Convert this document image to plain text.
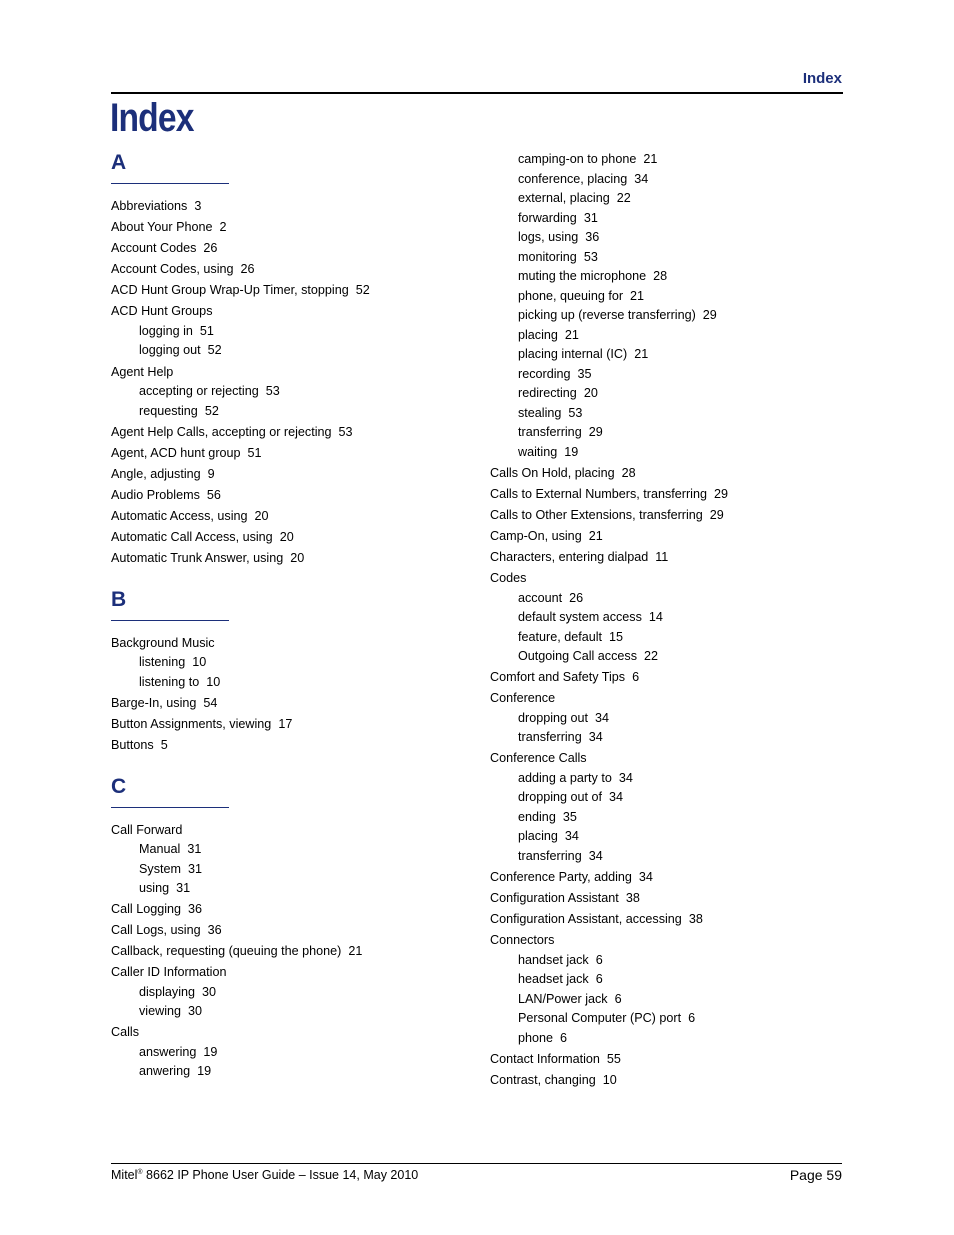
Index
Index
A
Abbreviations 3
About Your Phone 2
Account Codes 26
Account Codes, using 26
ACD Hunt Group Wrap-Up Timer, stopping 52
ACD Hunt Groups
logging in 51
logging out 52
Agent Help
accepting or rejecting 53
requesting 52
Agent Help Calls, accepting or rejecting 53
Agent, ACD hunt group 51
Angle, adjusting 9
Audio Problems 56
Automatic Access, using 20
Automatic Call Access, using 20
Automatic Trunk Answer, using 20
B
Background Music
listening 10
listening to 10
Barge-In, using 54
Button Assignments, viewing 17
Buttons 5
C
Call Forward
Manual 31
System 31
using 31
Call Logging 36
Call Logs, using 36
Callback, requesting (queuing the phone) 21
Caller ID Information
displaying 30
viewing 30
Calls
answering 19
anwering 19
camping-on to phone 21
conference, placing 34
external, placing 22
forwarding 31
logs, using 36
monitoring 53
muting the microphone 28
phone, queuing for 21
picking up (reverse transferring) 29
placing 21
placing internal (IC) 21
recording 35
redirecting 20
stealing 53
transferring 29
waiting 19
Calls On Hold, placing 28
Calls to External Numbers, transferring 29
Calls to Other Extensions, transferring 29
Camp-On, using 21
Characters, entering dialpad 11
Codes
account 26
default system access 14
feature, default 15
Outgoing Call access 22
Comfort and Safety Tips 6
Conference
dropping out 34
transferring 34
Conference Calls
adding a party to 34
dropping out of 34
ending 35
placing 34
transferring 34
Conference Party, adding 34
Configuration Assistant 38
Configuration Assistant, accessing 38
Connectors
handset jack 6
headset jack 6
LAN/Power jack 6
Personal Computer (PC) port 6
phone 6
Contact Information 55
Contrast, changing 10
Mitel® 8662 IP Phone User Guide – Issue 14, May 2010	Page 59
